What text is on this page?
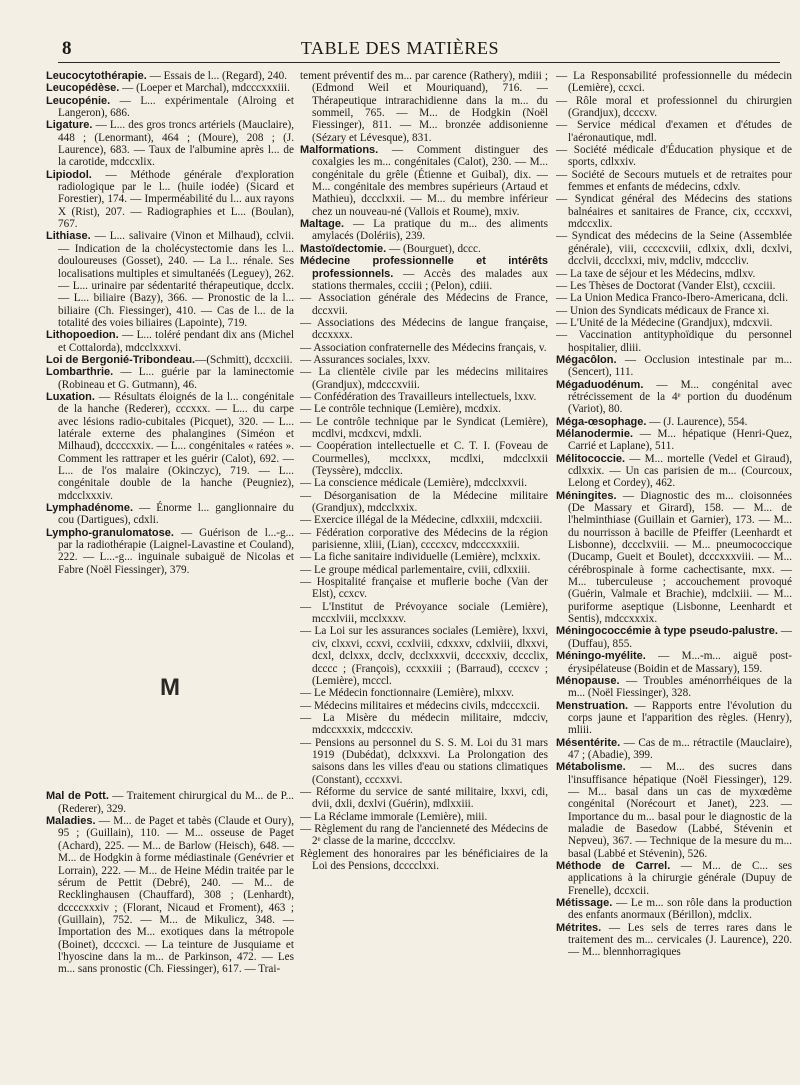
8	TABLE DES MATIÈRES

Leucocytothérapie. — Essais de l... (Regard), 240.

Leucopédèse. — (Loeper et Marchal), mdcccxxxiii.

Leucopénie. — L... expérimentale (Alroing et Langeron), 686.

Ligature. — L... des gros troncs artériels (Mauclaire), 448 ; (Lenormant), 464 ; (Moure), 208 ; (J. Laurence), 683. — Taux de l'albumine après l... de la carotide, mdccxlix.

Lipiodol. — Méthode générale d'exploration radiologique par le l... (huile iodée) (Sicard et Forestier), 174. — Imperméabilité du l... aux rayons X (Rist), 207. — Radiographies et L... (Boulan), 767.

Lithiase. — L... salivaire (Vinon et Milhaud), cclvii. — Indication de la cholécystectomie dans les l... douloureuses (Gosset), 240. — La l... rénale. Ses localisations multiples et simultanéés (Leguey), 262. — L... urinaire par sédentarité thérapeutique, dcclx. — L... biliaire (Bazy), 366. — Pronostic de la l... biliaire (Ch. Fiessinger), 410. — Cas de l... de la totalité des voies biliaires (Lapointe), 719.

Lithopoedion. — L... toléré pendant dix ans (Michel et Cottalorda), mdcclxxxvi.

Loi de Bergonié-Tribondeau.—(Schmitt), dccxciii.

Lombarthrie. — L... guérie par la laminectomie (Robineau et G. Gutmann), 46.

Luxation. — Résultats éloignés de la l... congénitale de la hanche (Rederer), cccxxx. — L... du carpe avec lésions radio-cubitales (Picquet), 320. — L... latérale externe des phalangines (Siméon et Milhaud), dccccxxix. — L... congénitales « ratées ». Comment les rattraper et les guérir (Calot), 692. — L... de l'os malaire (Okinczyc), 719. — L... congénitale double de la hanche (Peugniez), mdcclxxxiv.

Lymphadénome. — Énorme l... ganglionnaire du cou (Dartigues), cdxli.

Lympho-granulomatose. — Guérison de l...-g... par la radiothérapie (Laignel-Lavastine et Couland), 222. — L...-g... inguinale subaiguë de Nicolas et Fabre (Noël Fiessinger), 379.

M

Mal de Pott. — Traitement chirurgical du M... de P... (Rederer), 329.

Maladies. — M... de Paget et tabès (Claude et Oury), 95 ; (Guillain), 110. — M... osseuse de Paget (Achard), 225. — M... de Barlow (Heisch), 648. — M... de Hodgkin à forme médiastinale (Genévrier et Lorrain), 222. — M... de Heine Médin traitée par le sérum de Pettit (Debré), 240. — M... de Recklinghausen (Chauffard), 308 ; (Lenhardt), dccccxxxiv ; (Florant, Nicaud et Froment), 463 ; (Guillain), 752. — M... de Mikulicz, 348. — Importation des M... exotiques dans la métropole (Boinet), dcccxci. — La teinture de Jusquiame et l'hyoscine dans la m... de Parkinson, 472. — Les m... sans pronostic (Ch. Fiessinger), 617. — Trai-

tement préventif des m... par carence (Rathery), mdiii ; (Edmond Weil et Mouriquand), 716. — Thérapeutique intrarachidienne dans la m... du sommeil, 765. — M... de Hodgkin (Noël Fiessinger), 811. — M... bronzée addisonienne (Sézary et Lévesque), 831.

Malformations. — Comment distinguer des coxalgies les m... congénitales (Calot), 230. — M... congénitale du grêle (Étienne et Guibal), dix. — M... congénitale des membres supérieurs (Artaud et Mathieu), dccclxxii. — M... du membre inférieur chez un nouveau-né (Vallois et Roume), mxiv.

Maltage. — La pratique du m... des aliments amylacés (Dolériis), 239.

Mastoïdectomie. — (Bourguet), dccc.

Médecine professionnelle et intérêts professionnels. — Accès des malades aux stations thermales, ccciii ; (Pelon), cdiii.

— Association générale des Médecins de France, dccxvii.

— Associations des Médecins de langue française, dccxxxx.

— Association confraternelle des Médecins français, v.

— Assurances sociales, lxxv.

— La clientèle civile par les médecins militaires (Grandjux), mdcccxviii.

— Confédération des Travailleurs intellectuels, lxxv.

— Le contrôle technique (Lemière), mcdxix.

— Le contrôle technique par le Syndicat (Lemière), mcdlvi, mcdxcvi, mdxli.

— Coopération intellectuelle et C. T. I. (Foveau de Courmelles), mcclxxx, mcdlxi, mdcclxxii (Teyssère), mdcclix.

— La conscience médicale (Lemière), mdcclxxvii.

— Désorganisation de la Médecine militaire (Grandjux), mdcclxxix.

— Exercice illégal de la Médecine, cdlxxiii, mdcxciii.

— Fédération corporative des Médecins de la région parisienne, xliii, (Lian), ccccxcv, mdcccxxxiii.

— La fiche sanitaire individuelle (Lemière), mclxxix.

— Le groupe médical parlementaire, cviii, cdlxxiii.

— Hospitalité française et muflerie boche (Van der Elst), ccxcv.

— L'Institut de Prévoyance sociale (Lemière), mccxlviii, mcclxxxv.

— La Loi sur les assurances sociales (Lemière), lxxvi, civ, clxxvi, ccxvi, ccxlviii, cdxxxv, cdxlviii, dlxxvi, dcxl, dclxxx, dcclv, dcclxxxvii, dcccxxiv, dccclix, dcccc ; (François), ccxxxiii ; (Barraud), cccxcv ; (Lemière), mcccl.

— Le Médecin fonctionnaire (Lemière), mlxxv.

— Médecins militaires et médecins civils, mdcccxcii.

— La Misère du médecin militaire, mdcciv, mdccxxxix, mdcccxiv.

— Pensions au personnel du S. S. M. Loi du 31 mars 1919 (Dubédat), dclxxxvi. La Prolongation des saisons dans les villes d'eau ou stations climatiques (Constant), cccxxvi.

— Réforme du service de santé militaire, lxxvi, cdi, dvii, dxli, dcxlvi (Guérin), mdlxxiii.

— La Réclame immorale (Lemière), miii.

— Règlement du rang de l'ancienneté des Médecins de 2ᵉ classe de la marine, dcccclxv.

Règlement des honoraires par les bénéficiaires de la Loi des Pensions, dcccclxxi.

— La Responsabilité professionnelle du médecin (Lemière), ccxci.

— Rôle moral et professionnel du chirurgien (Grandjux), dcccxv.

— Service médical d'examen et d'études de l'aéronautique, mdl.

— Société médicale d'Éducation physique et de sports, cdlxxiv.

— Société de Secours mutuels et de retraites pour femmes et enfants de médecins, cdxlv.

— Syndicat général des Médecins des stations balnéaires et sanitaires de France, cix, cccxxvi, mdccxlix.

— Syndicat des médecins de la Seine (Assemblée générale), viii, ccccxcviii, cdlxix, dxli, dcxlvi, dcclvii, dccclxxi, miv, mdcliv, mdcccliv.

— La taxe de séjour et les Médecins, mdlxv.

— Les Thèses de Doctorat (Vander Elst), ccxciii.

— La Union Medica Franco-Ibero-Americana, dcli.

— Union des Syndicats médicaux de France xi.

— L'Unité de la Médecine (Grandjux), mdcxvii.

— Vaccination antityphoïdique du personnel hospitalier, dliii.

Mégacôlon. — Occlusion intestinale par m... (Sencert), 111.

Mégaduodénum. — M... congénital avec rétrécissement de la 4ᵉ portion du duodénum (Variot), 80.

Méga-œsophage. — (J. Laurence), 554.

Mélanodermie. — M... hépatique (Henri-Quez, Carrié et Laplane), 511.

Mélitococcie. — M... mortelle (Vedel et Giraud), cdlxxix. — Un cas parisien de m... (Courcoux, Lelong et Cordey), 462.

Méningites. — Diagnostic des m... cloisonnées (De Massary et Girard), 158. — M... de l'helminthiase (Guillain et Garnier), 173. — M... du nourrisson à bacille de Pfeiffer (Leenhardt et Lisbonne), dccclxviii. — M... pneumococcique (Ducamp, Gueit et Boulet), dcccxxxviii. — M... cérébrospinale à forme cachectisante, mxx. — M... tuberculeuse ; accouchement provoqué (Guérin, Valmale et Brachie), mdclxiii. — M... puriforme aseptique (Lisbonne, Leenhardt et Sentis), mdccxxxix.

Méningococcémie à type pseudo-palustre. — (Duffau), 855.

Méningo-myélite. — M...-m... aiguë post-érysipélateuse (Boidin et de Massary), 159.

Ménopause. — Troubles aménorrhéiques de la m... (Noël Fiessinger), 328.

Menstruation. — Rapports entre l'évolution du corps jaune et l'apparition des règles. (Henry), mliii.

Mésentérite. — Cas de m... rétractile (Mauclaire), 47 ; (Abadie), 399.

Métabolisme. — M... des sucres dans l'insuffisance hépatique (Noël Fiessinger), 129. — M... basal dans un cas de myxœdème congénital (Norécourt et Janet), 223. — Importance du m... basal pour le diagnostic de la maladie de Basedow (Labbé, Stévenin et Nepveu), 367. — Technique de la mesure du m... basal (Labbé et Stévenin), 526.

Méthode de Carrel. — M... de C... ses applications à la chirurgie générale (Dupuy de Frenelle), dccxcii.

Métissage. — Le m... son rôle dans la production des enfants anormaux (Bérillon), mdclix.

Métrites. — Les sels de terres rares dans le traitement des m... cervicales (J. Laurence), 220. — M... blennhorragiques
